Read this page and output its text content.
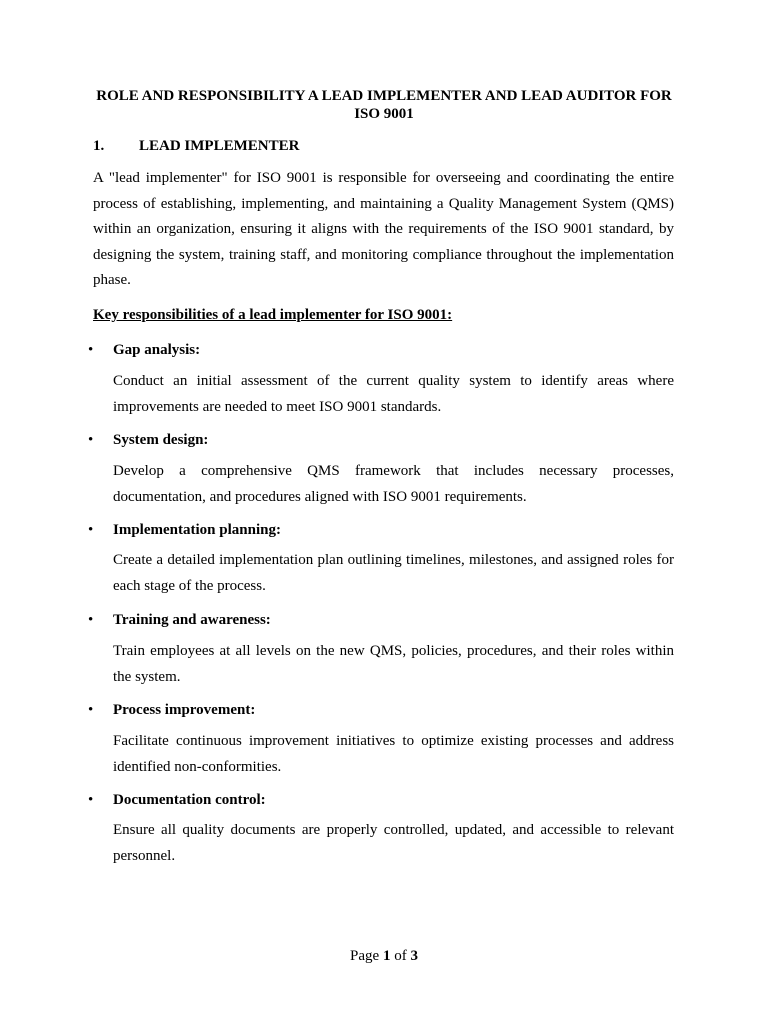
ROLE AND RESPONSIBILITY A LEAD IMPLEMENTER AND LEAD AUDITOR FOR ISO 9001
1. LEAD IMPLEMENTER

A "lead implementer" for ISO 9001 is responsible for overseeing and coordinating the entire process of establishing, implementing, and maintaining a Quality Management System (QMS) within an organization, ensuring it aligns with the requirements of the ISO 9001 standard, by designing the system, training staff, and monitoring compliance throughout the implementation phase.

Key responsibilities of a lead implementer for ISO 9001:
• Gap analysis:

Conduct an initial assessment of the current quality system to identify areas where improvements are needed to meet ISO 9001 standards.

• System design:

Develop a comprehensive QMS framework that includes necessary processes, documentation, and procedures aligned with ISO 9001 requirements.

• Implementation planning:

Create a detailed implementation plan outlining timelines, milestones, and assigned roles for each stage of the process.

• Training and awareness:

Train employees at all levels on the new QMS, policies, procedures, and their roles within the system.

• Process improvement:

Facilitate continuous improvement initiatives to optimize existing processes and address identified non-conformities.

• Documentation control:

Ensure all quality documents are properly controlled, updated, and accessible to relevant personnel.

Page 1 of 3
